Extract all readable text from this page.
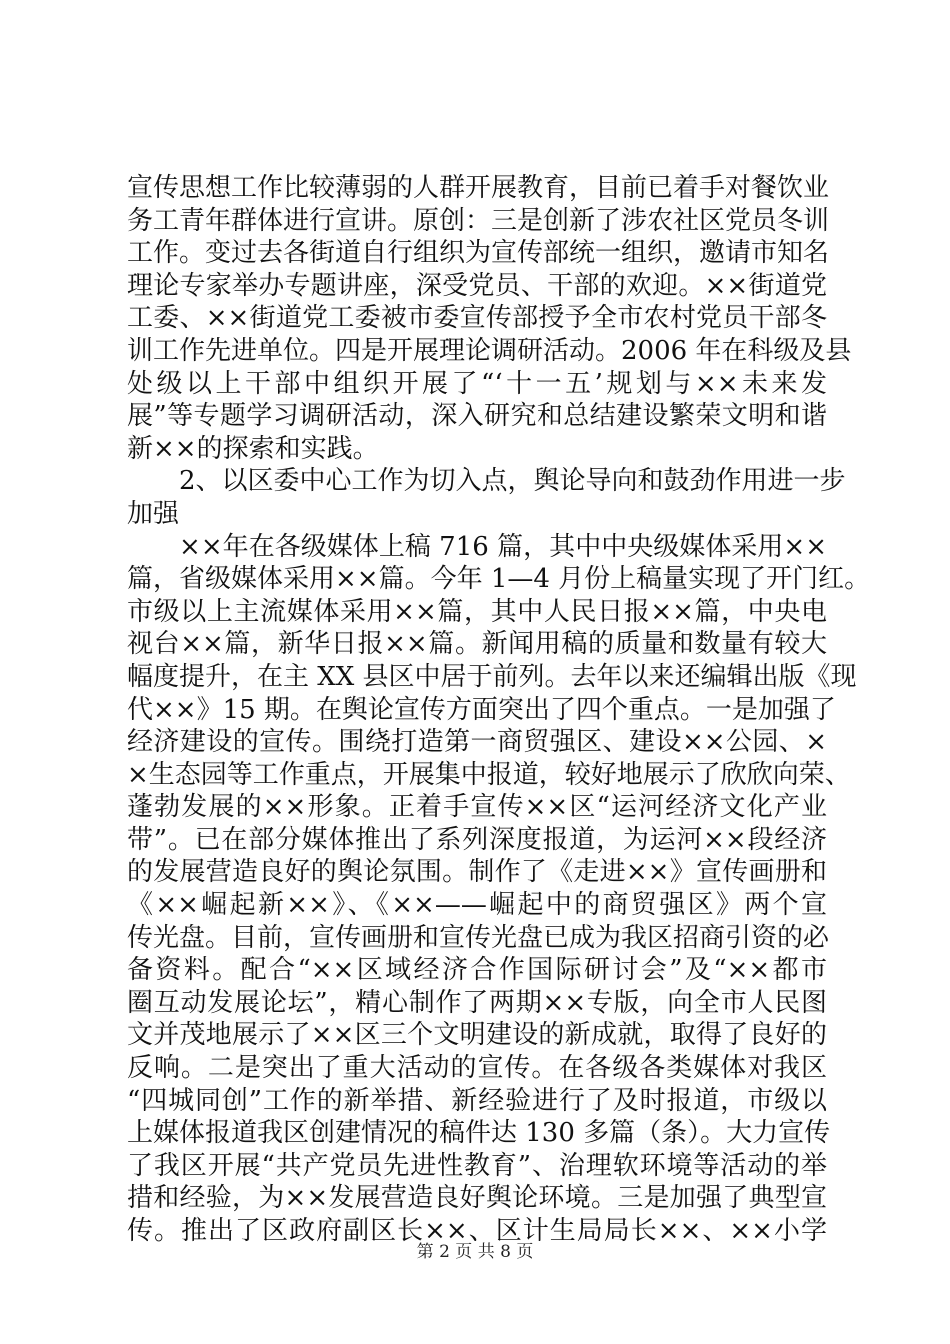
宣传思想工作比较薄弱的人群开展教育，目前已着手对餐饮业
务工青年群体进行宣讲。原创：三是创新了涉农社区党员冬训
工作。变过去各街道自行组织为宣传部统一组织，邀请市知名
理论专家举办专题讲座，深受党员、干部的欢迎。××街道党
工委、××街道党工委被市委宣传部授予全市农村党员干部冬
训工作先进单位。四是开展理论调研活动。2006 年在科级及县
处级以上干部中组织开展了“‘十一五’规划与××未来发
展”等专题学习调研活动，深入研究和总结建设繁荣文明和谐
新××的探索和实践。
　　2、以区委中心工作为切入点，舆论导向和鼓劲作用进一步
加强
　　××年在各级媒体上稿 716 篇，其中中央级媒体采用××
篇，省级媒体采用××篇。今年 1—4 月份上稿量实现了开门红。
市级以上主流媒体采用××篇，其中人民日报××篇，中央电
视台××篇，新华日报××篇。新闻用稿的质量和数量有较大
幅度提升，在主 XX 县区中居于前列。去年以来还编辑出版《现
代××》15 期。在舆论宣传方面突出了四个重点。一是加强了
经济建设的宣传。围绕打造第一商贸强区、建设××公园、×
×生态园等工作重点，开展集中报道，较好地展示了欣欣向荣、
蓬勃发展的××形象。正着手宣传××区“运河经济文化产业
带”。已在部分媒体推出了系列深度报道，为运河××段经济
的发展营造良好的舆论氛围。制作了《走进××》宣传画册和
《××崛起新××》、《××——崛起中的商贸强区》两个宣
传光盘。目前，宣传画册和宣传光盘已成为我区招商引资的必
备资料。配合“××区域经济合作国际研讨会”及“××都市
圈互动发展论坛”，精心制作了两期××专版，向全市人民图
文并茂地展示了××区三个文明建设的新成就，取得了良好的
反响。二是突出了重大活动的宣传。在各级各类媒体对我区
“四城同创”工作的新举措、新经验进行了及时报道，市级以
上媒体报道我区创建情况的稿件达 130 多篇（条）。大力宣传
了我区开展“共产党员先进性教育”、治理软环境等活动的举
措和经验，为××发展营造良好舆论环境。三是加强了典型宣
传。推出了区政府副区长××、区计生局局长××、××小学
第 2 页 共 8 页
